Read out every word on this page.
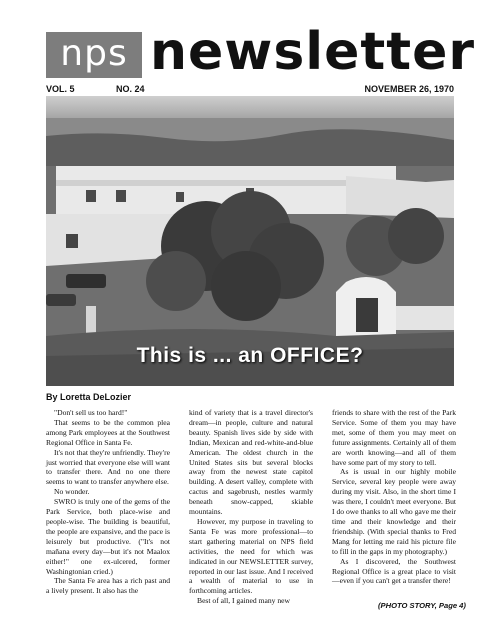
nps newsletter
VOL. 5	NO. 24	NOVEMBER 26, 1970
This is ... an OFFICE?
By Loretta DeLozier

"Don't sell us too hard!"

That seems to be the common plea among Park employees at the Southwest Regional Office in Santa Fe.

It's not that they're unfriendly. They're just worried that everyone else will want to transfer there. And no one there seems to want to transfer anywhere else.

No wonder.

SWRO is truly one of the gems of the Park Service, both place-wise and people-wise. The building is beautiful, the people are expansive, and the pace is leisurely but productive. ("It's not mañana every day—but it's not Maalox either!" one ex-ulcered, former Washingtonian cried.)

The Santa Fe area has a rich past and a lively present. It also has the

kind of variety that is a travel director's dream—in people, culture and natural beauty. Spanish lives side by side with Indian, Mexican and red-white-and-blue American. The oldest church in the United States sits but several blocks away from the newest state capitol building. A desert valley, complete with cactus and sagebrush, nestles warmly beneath snow-capped, skiable mountains.

However, my purpose in traveling to Santa Fe was more professional—to start gathering material on NPS field activities, the need for which was indicated in our NEWSLETTER survey, reported in our last issue. And I received a wealth of material to use in forthcoming articles.

Best of all, I gained many new

friends to share with the rest of the Park Service. Some of them you may have met, some of them you may meet on future assignments. Certainly all of them are worth knowing—and all of them have some part of my story to tell.

As is usual in our highly mobile Service, several key people were away during my visit. Also, in the short time I was there, I couldn't meet everyone. But I do owe thanks to all who gave me their time and their knowledge and their friendship. (With special thanks to Fred Mang for letting me raid his picture file to fill in the gaps in my photography.)

As I discovered, the Southwest Regional Office is a great place to visit—even if you can't get a transfer there!

(PHOTO STORY, Page 4)
